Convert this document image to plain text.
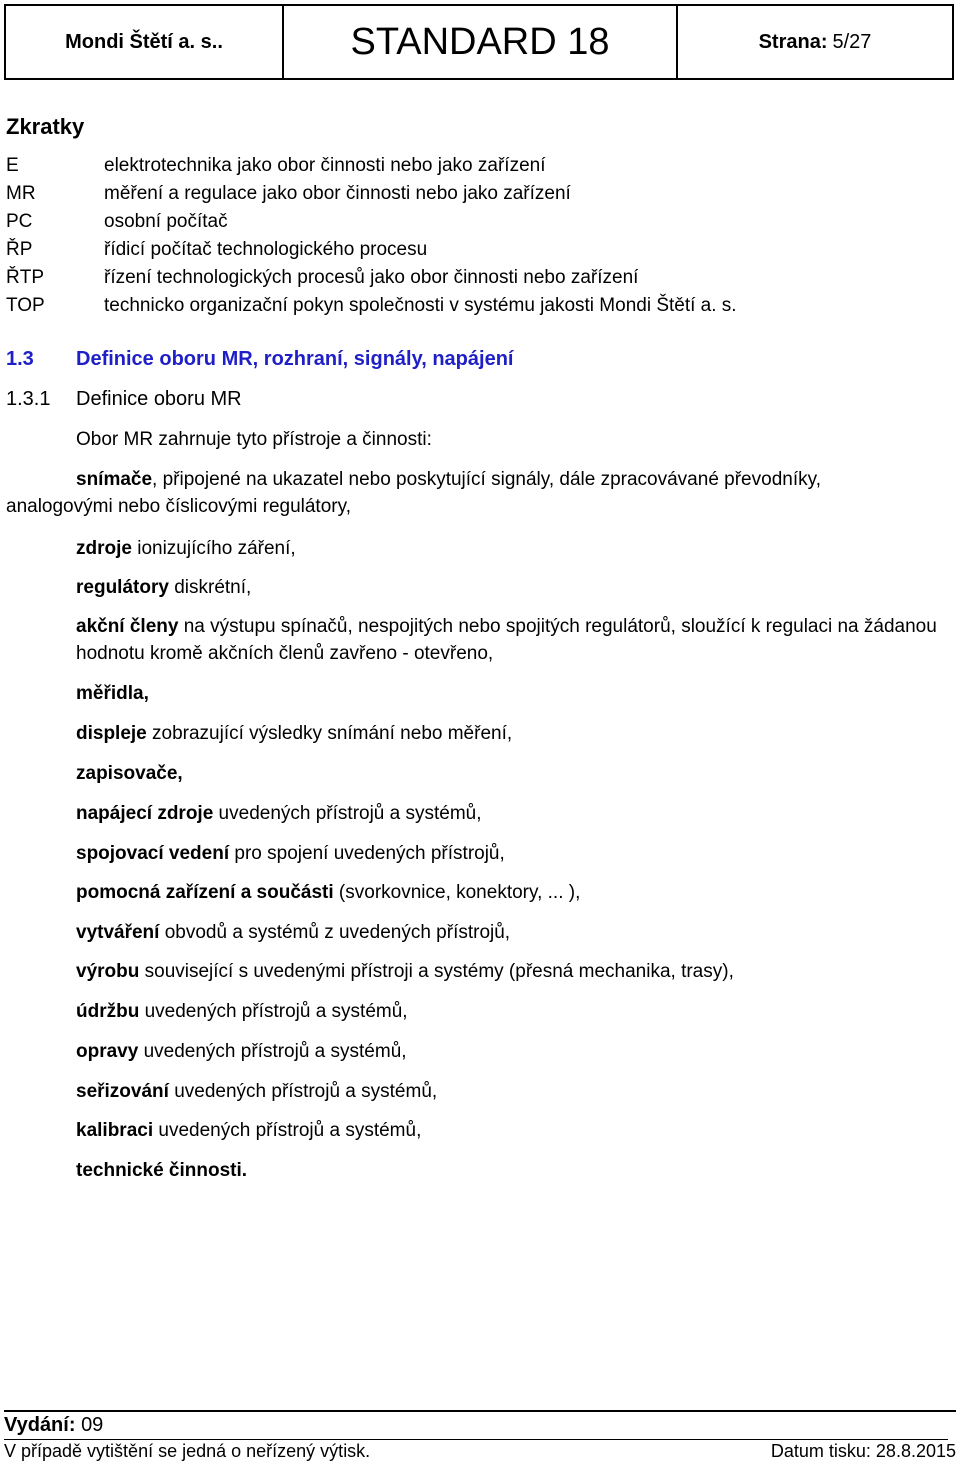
Mondi Štětí a. s..	STANDARD 18	Strana: 5/27
Zkratky
E	elektrotechnika jako obor činnosti nebo jako zařízení
MR	měření a regulace jako obor činnosti nebo jako zařízení
PC	osobní počítač
ŘP	řídicí počítač technologického procesu
ŘTP	řízení technologických procesů jako obor činnosti nebo zařízení
TOP	technicko organizační pokyn společnosti v systému jakosti Mondi Štětí a. s.
1.3 Definice oboru MR, rozhraní, signály, napájení
1.3.1 Definice oboru MR
Obor MR zahrnuje tyto přístroje a činnosti:
snímače, připojené na ukazatel nebo poskytující signály, dále zpracovávané převodníky, analogovými nebo číslicovými regulátory,
zdroje ionizujícího záření,
regulátory diskrétní,
akční členy na výstupu spínačů, nespojitých nebo spojitých regulátorů, sloužící k regulaci na žádanou hodnotu kromě akčních členů zavřeno - otevřeno,
měřidla,
displeje zobrazující výsledky snímání nebo měření,
zapisovače,
napájecí zdroje uvedených přístrojů a systémů,
spojovací vedení pro spojení uvedených přístrojů,
pomocná zařízení a součásti (svorkovnice, konektory, ... ),
vytváření obvodů a systémů z uvedených přístrojů,
výrobu související s uvedenými přístroji a systémy (přesná mechanika, trasy),
údržbu uvedených přístrojů a systémů,
opravy uvedených přístrojů a systémů,
seřizování uvedených přístrojů a systémů,
kalibraci uvedených přístrojů a systémů,
technické činnosti.
Vydání: 09
V případě vytištění se jedná o neřízený výtisk.	Datum tisku: 28.8.2015
